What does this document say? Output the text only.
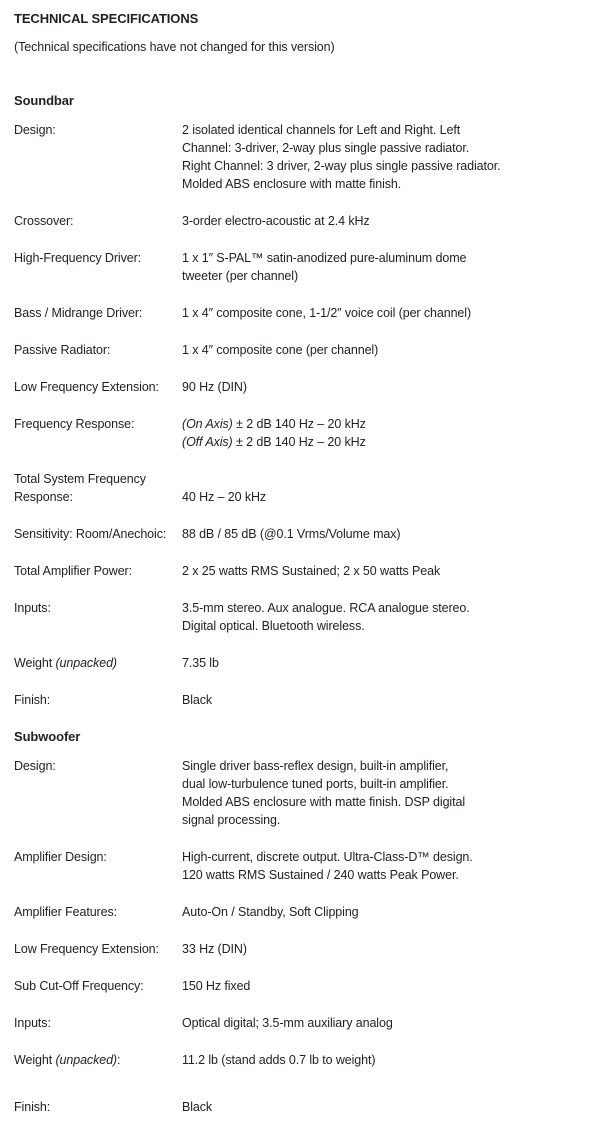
TECHNICAL SPECIFICATIONS
(Technical specifications have not changed for this version)
Soundbar
Design:	2 isolated identical channels for Left and Right. Left
Channel: 3-driver, 2-way plus single passive radiator.
Right Channel: 3 driver, 2-way plus single passive radiator.
Molded ABS enclosure with matte finish.
Crossover:	3-order electro-acoustic at 2.4 kHz
High-Frequency Driver:	1 x 1″ S-PAL™ satin-anodized pure-aluminum dome
tweeter (per channel)
Bass / Midrange Driver:	1 x 4″ composite cone, 1-1/2″ voice coil (per channel)
Passive Radiator:	1 x 4″ composite cone (per channel)
Low Frequency Extension:	90 Hz (DIN)
Frequency Response:	(On Axis) ± 2 dB 140 Hz – 20 kHz
(Off Axis) ± 2 dB 140 Hz – 20 kHz
Total System Frequency
Response:
	40 Hz – 20 kHz
Sensitivity: Room/Anechoic:	88 dB / 85 dB (@0.1 Vrms/Volume max)
Total Amplifier Power:	2 x 25 watts RMS Sustained; 2 x 50 watts Peak
Inputs:	3.5-mm stereo. Aux analogue. RCA analogue stereo.
Digital optical. Bluetooth wireless.
Weight (unpacked)	7.35 lb
Finish:	Black
Subwoofer
Design:	Single driver bass-reflex design, built-in amplifier,
dual low-turbulence tuned ports, built-in amplifier.
Molded ABS enclosure with matte finish. DSP digital
signal processing.
Amplifier Design:	High-current, discrete output. Ultra-Class-D™ design.
120 watts RMS Sustained / 240 watts Peak Power.
Amplifier Features:	Auto-On / Standby, Soft Clipping
Low Frequency Extension:	33 Hz (DIN)
Sub Cut-Off Frequency:	150 Hz fixed
Inputs:	Optical digital; 3.5-mm auxiliary analog
Weight (unpacked):	11.2 lb (stand adds 0.7 lb to weight)
Finish:	Black
